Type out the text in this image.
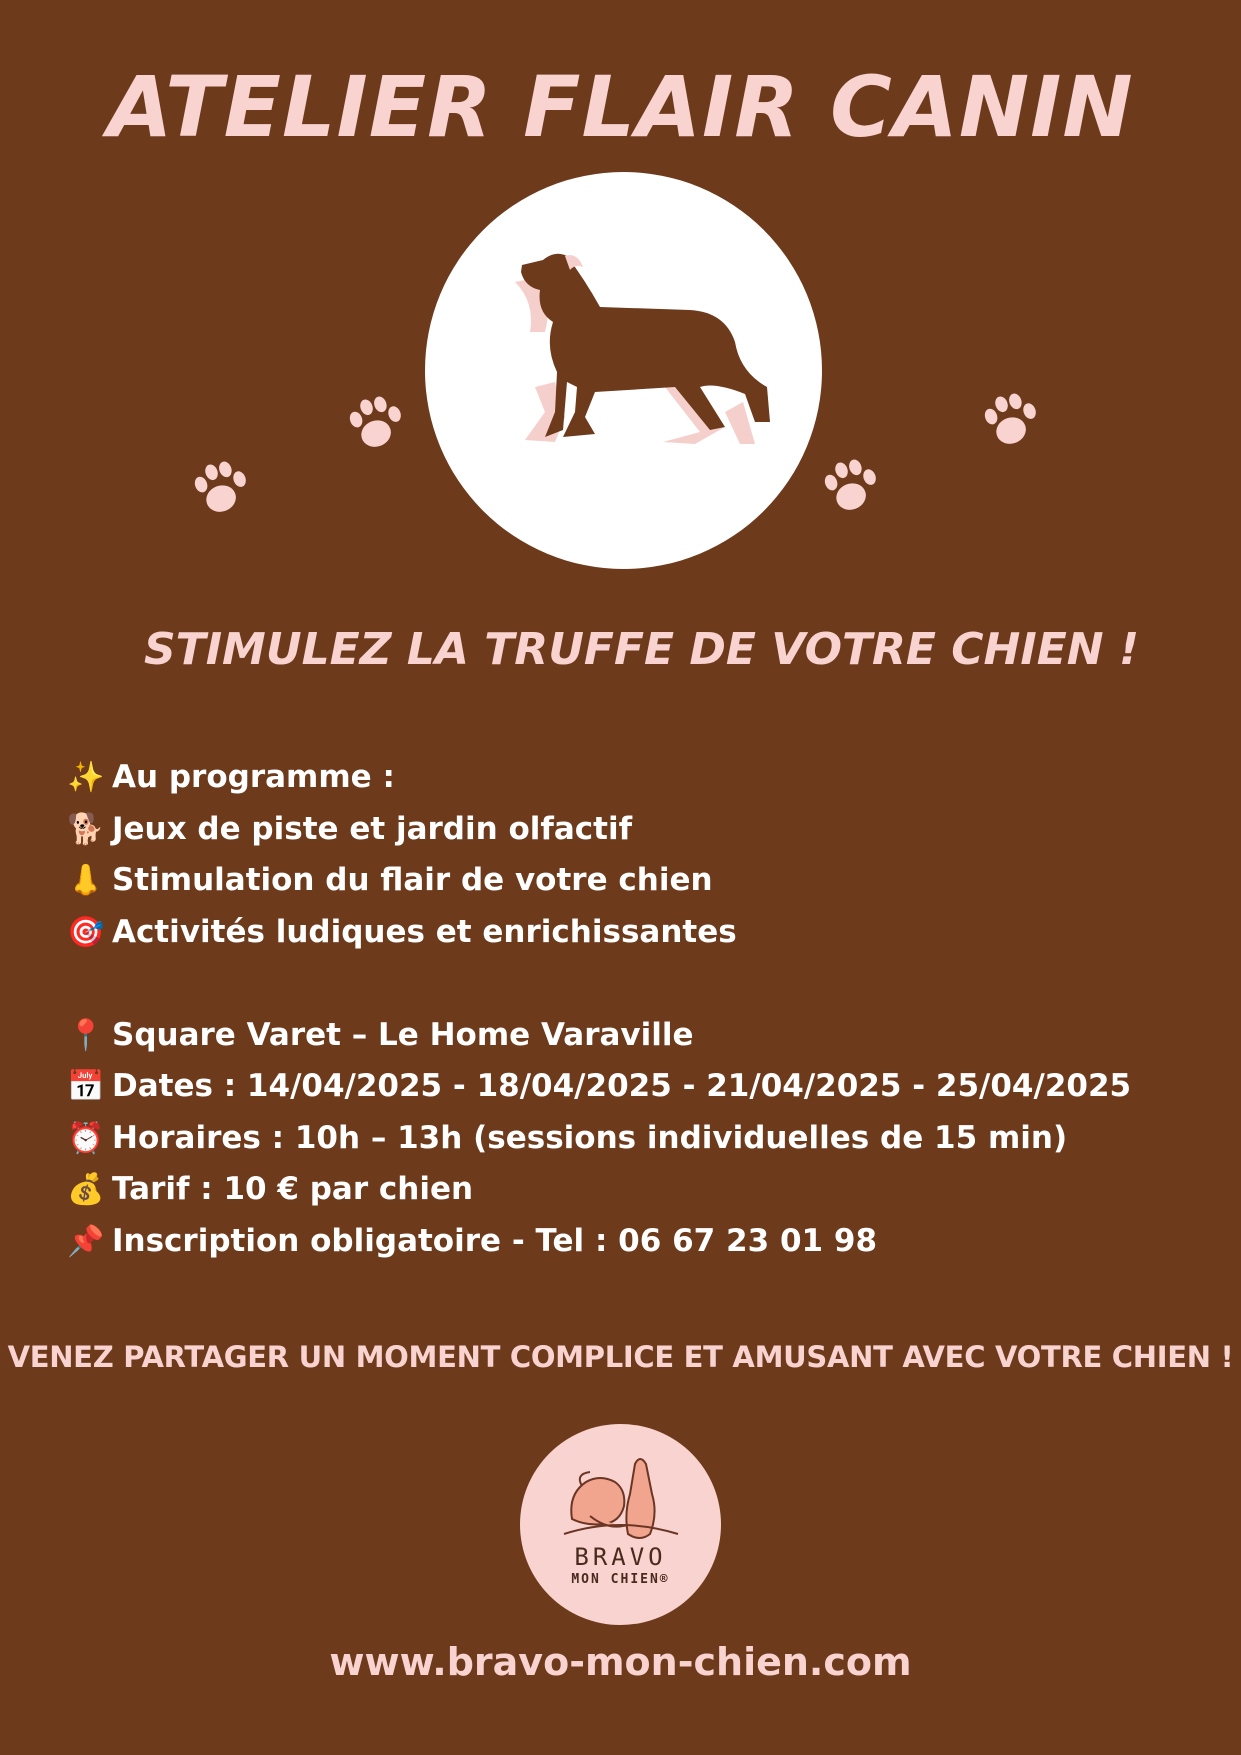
ATELIER FLAIR CANIN
STIMULEZ LA TRUFFE DE VOTRE CHIEN !
✨ Au programme :
🐕 Jeux de piste et jardin olfactif
👃 Stimulation du flair de votre chien
🎯 Activités ludiques et enrichissantes
📍 Square Varet – Le Home Varaville
📅 Dates : 14/04/2025 - 18/04/2025 - 21/04/2025 - 25/04/2025
⏰ Horaires : 10h – 13h (sessions individuelles de 15 min)
💰 Tarif : 10 € par chien
📌 Inscription obligatoire - Tel : 06 67 23 01 98
VENEZ PARTAGER UN MOMENT COMPLICE ET AMUSANT AVEC VOTRE CHIEN !
BRAVO
MON CHIEN®
www.bravo-mon-chien.com
